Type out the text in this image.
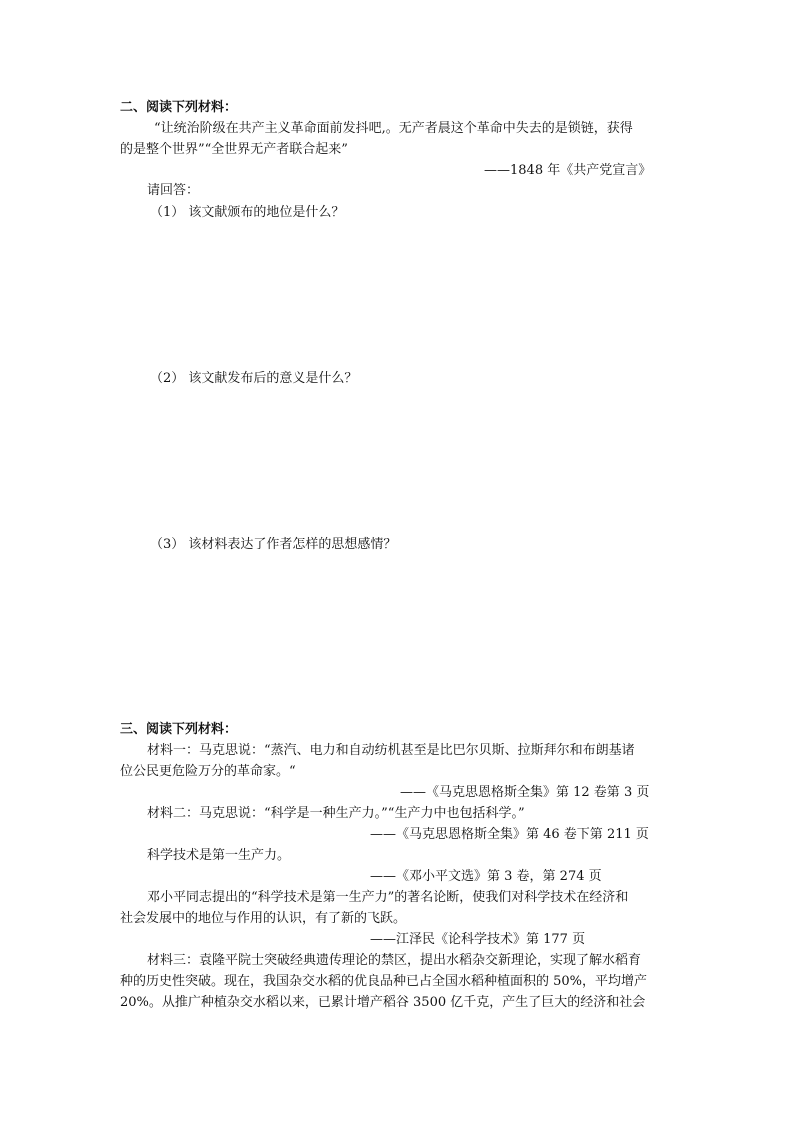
二、阅读下列材料：
“让统治阶级在共产主义革命面前发抖吧,。无产者晨这个革命中失去的是锁链，获得
的是整个世界”“全世界无产者联合起来”
——1848 年《共产党宣言》
请回答：
（1） 该文献颁布的地位是什么？
（2） 该文献发布后的意义是什么？
（3） 该材料表达了作者怎样的思想感情？
三、阅读下列材料：
材料一：马克思说：“蒸汽、电力和自动纺机甚至是比巴尔贝斯、拉斯拜尔和布朗基诸
位公民更危险万分的革命家。“
——《马克思恩格斯全集》第 12 卷第 3 页
材料二：马克思说：“科学是一种生产力。”“生产力中也包括科学。”
——《马克思恩格斯全集》第 46 卷下第 211 页
科学技术是第一生产力。
——《邓小平文选》第 3 卷，第 274 页
邓小平同志提出的“科学技术是第一生产力”的著名论断，使我们对科学技术在经济和
社会发展中的地位与作用的认识，有了新的飞跃。
——江泽民《论科学技术》第 177 页
材料三：袁隆平院士突破经典遗传理论的禁区，提出水稻杂交新理论，实现了解水稻育
种的历史性突破。现在，我国杂交水稻的优良品种已占全国水稻种植面积的 50%，平均增产
20%。从推广种植杂交水稻以来，已累计增产稻谷 3500 亿千克，产生了巨大的经济和社会
